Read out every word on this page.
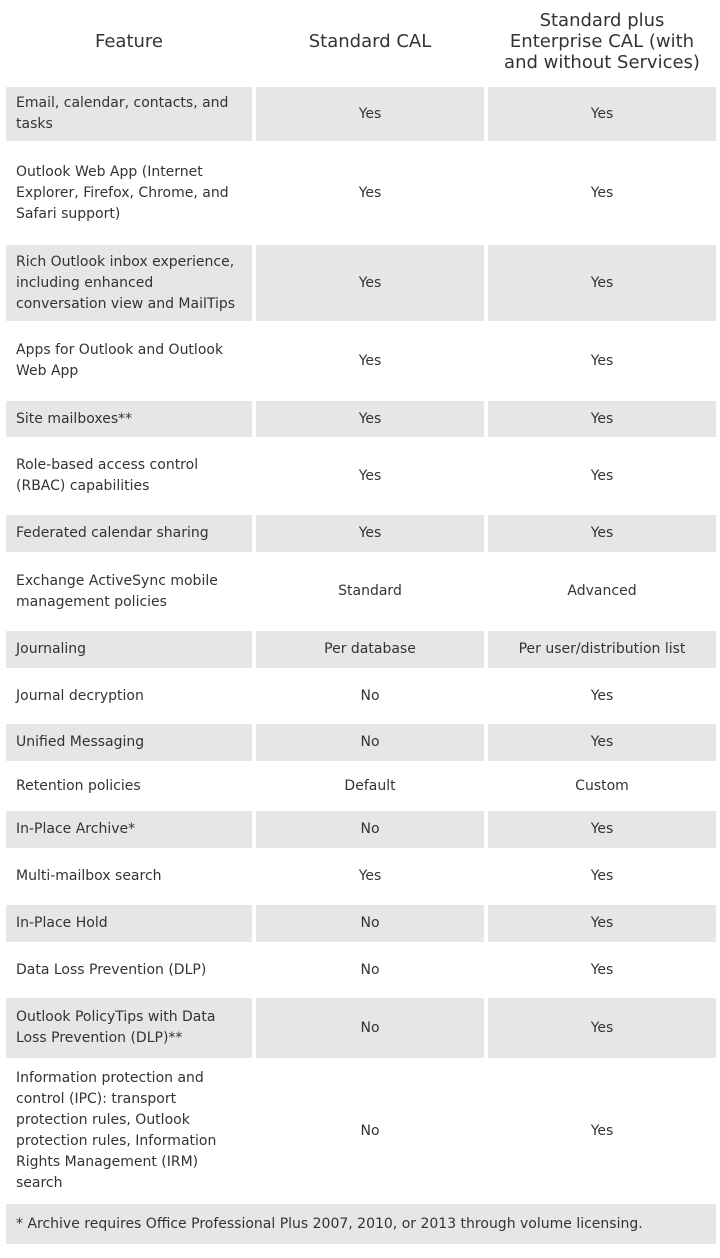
Feature	Standard CAL	Standard plus Enterprise CAL (with and without Services)
Email, calendar, contacts, and tasks	Yes	Yes
Outlook Web App (Internet Explorer, Firefox, Chrome, and Safari support)	Yes	Yes
Rich Outlook inbox experience, including enhanced conversation view and MailTips	Yes	Yes
Apps for Outlook and Outlook Web App	Yes	Yes
Site mailboxes**	Yes	Yes
Role-based access control (RBAC) capabilities	Yes	Yes
Federated calendar sharing	Yes	Yes
Exchange ActiveSync mobile management policies	Standard	Advanced
Journaling	Per database	Per user/distribution list
Journal decryption	No	Yes
Unified Messaging	No	Yes
Retention policies	Default	Custom
In-Place Archive*	No	Yes
Multi-mailbox search	Yes	Yes
In-Place Hold	No	Yes
Data Loss Prevention (DLP)	No	Yes
Outlook PolicyTips with Data Loss Prevention (DLP)**	No	Yes
Information protection and control (IPC): transport protection rules, Outlook protection rules, Information Rights Management (IRM) search	No	Yes
* Archive requires Office Professional Plus 2007, 2010, or 2013 through volume licensing.		
